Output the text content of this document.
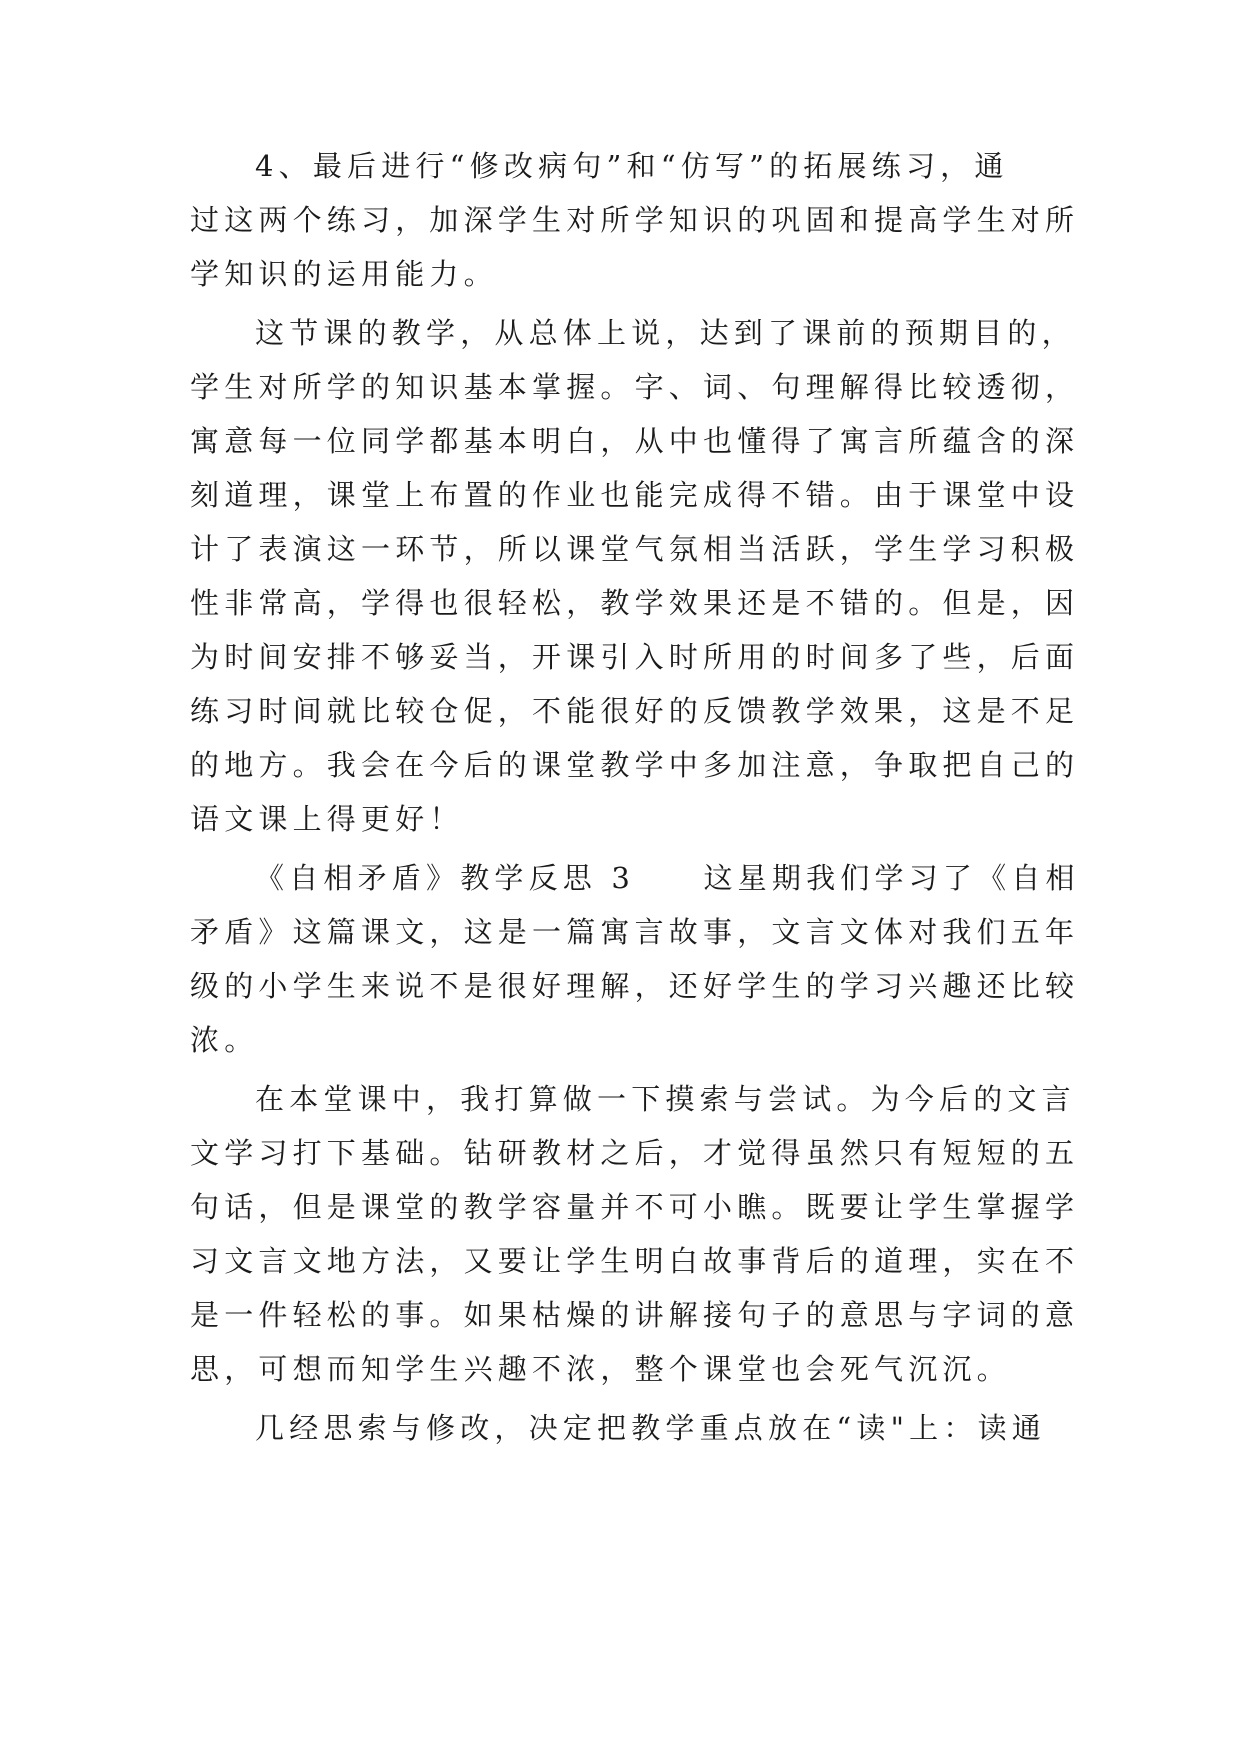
4、最后进行“修改病句”和“仿写”的拓展练习，通

过这两个练习，加深学生对所学知识的巩固和提高学生对所

学知识的运用能力。

这节课的教学，从总体上说，达到了课前的预期目的，

学生对所学的知识基本掌握。字、词、句理解得比较透彻，

寓意每一位同学都基本明白，从中也懂得了寓言所蕴含的深

刻道理，课堂上布置的作业也能完成得不错。由于课堂中设

计了表演这一环节，所以课堂气氛相当活跃，学生学习积极

性非常高，学得也很轻松，教学效果还是不错的。但是，因

为时间安排不够妥当，开课引入时所用的时间多了些，后面

练习时间就比较仓促，不能很好的反馈教学效果，这是不足

的地方。我会在今后的课堂教学中多加注意，争取把自己的

语文课上得更好！

《自相矛盾》教学反思 3　　这星期我们学习了《自相

矛盾》这篇课文，这是一篇寓言故事，文言文体对我们五年

级的小学生来说不是很好理解，还好学生的学习兴趣还比较

浓。

在本堂课中，我打算做一下摸索与尝试。为今后的文言

文学习打下基础。钻研教材之后，才觉得虽然只有短短的五

句话，但是课堂的教学容量并不可小瞧。既要让学生掌握学

习文言文地方法，又要让学生明白故事背后的道理，实在不

是一件轻松的事。如果枯燥的讲解接句子的意思与字词的意

思，可想而知学生兴趣不浓，整个课堂也会死气沉沉。

几经思索与修改，决定把教学重点放在“读"上：读通
